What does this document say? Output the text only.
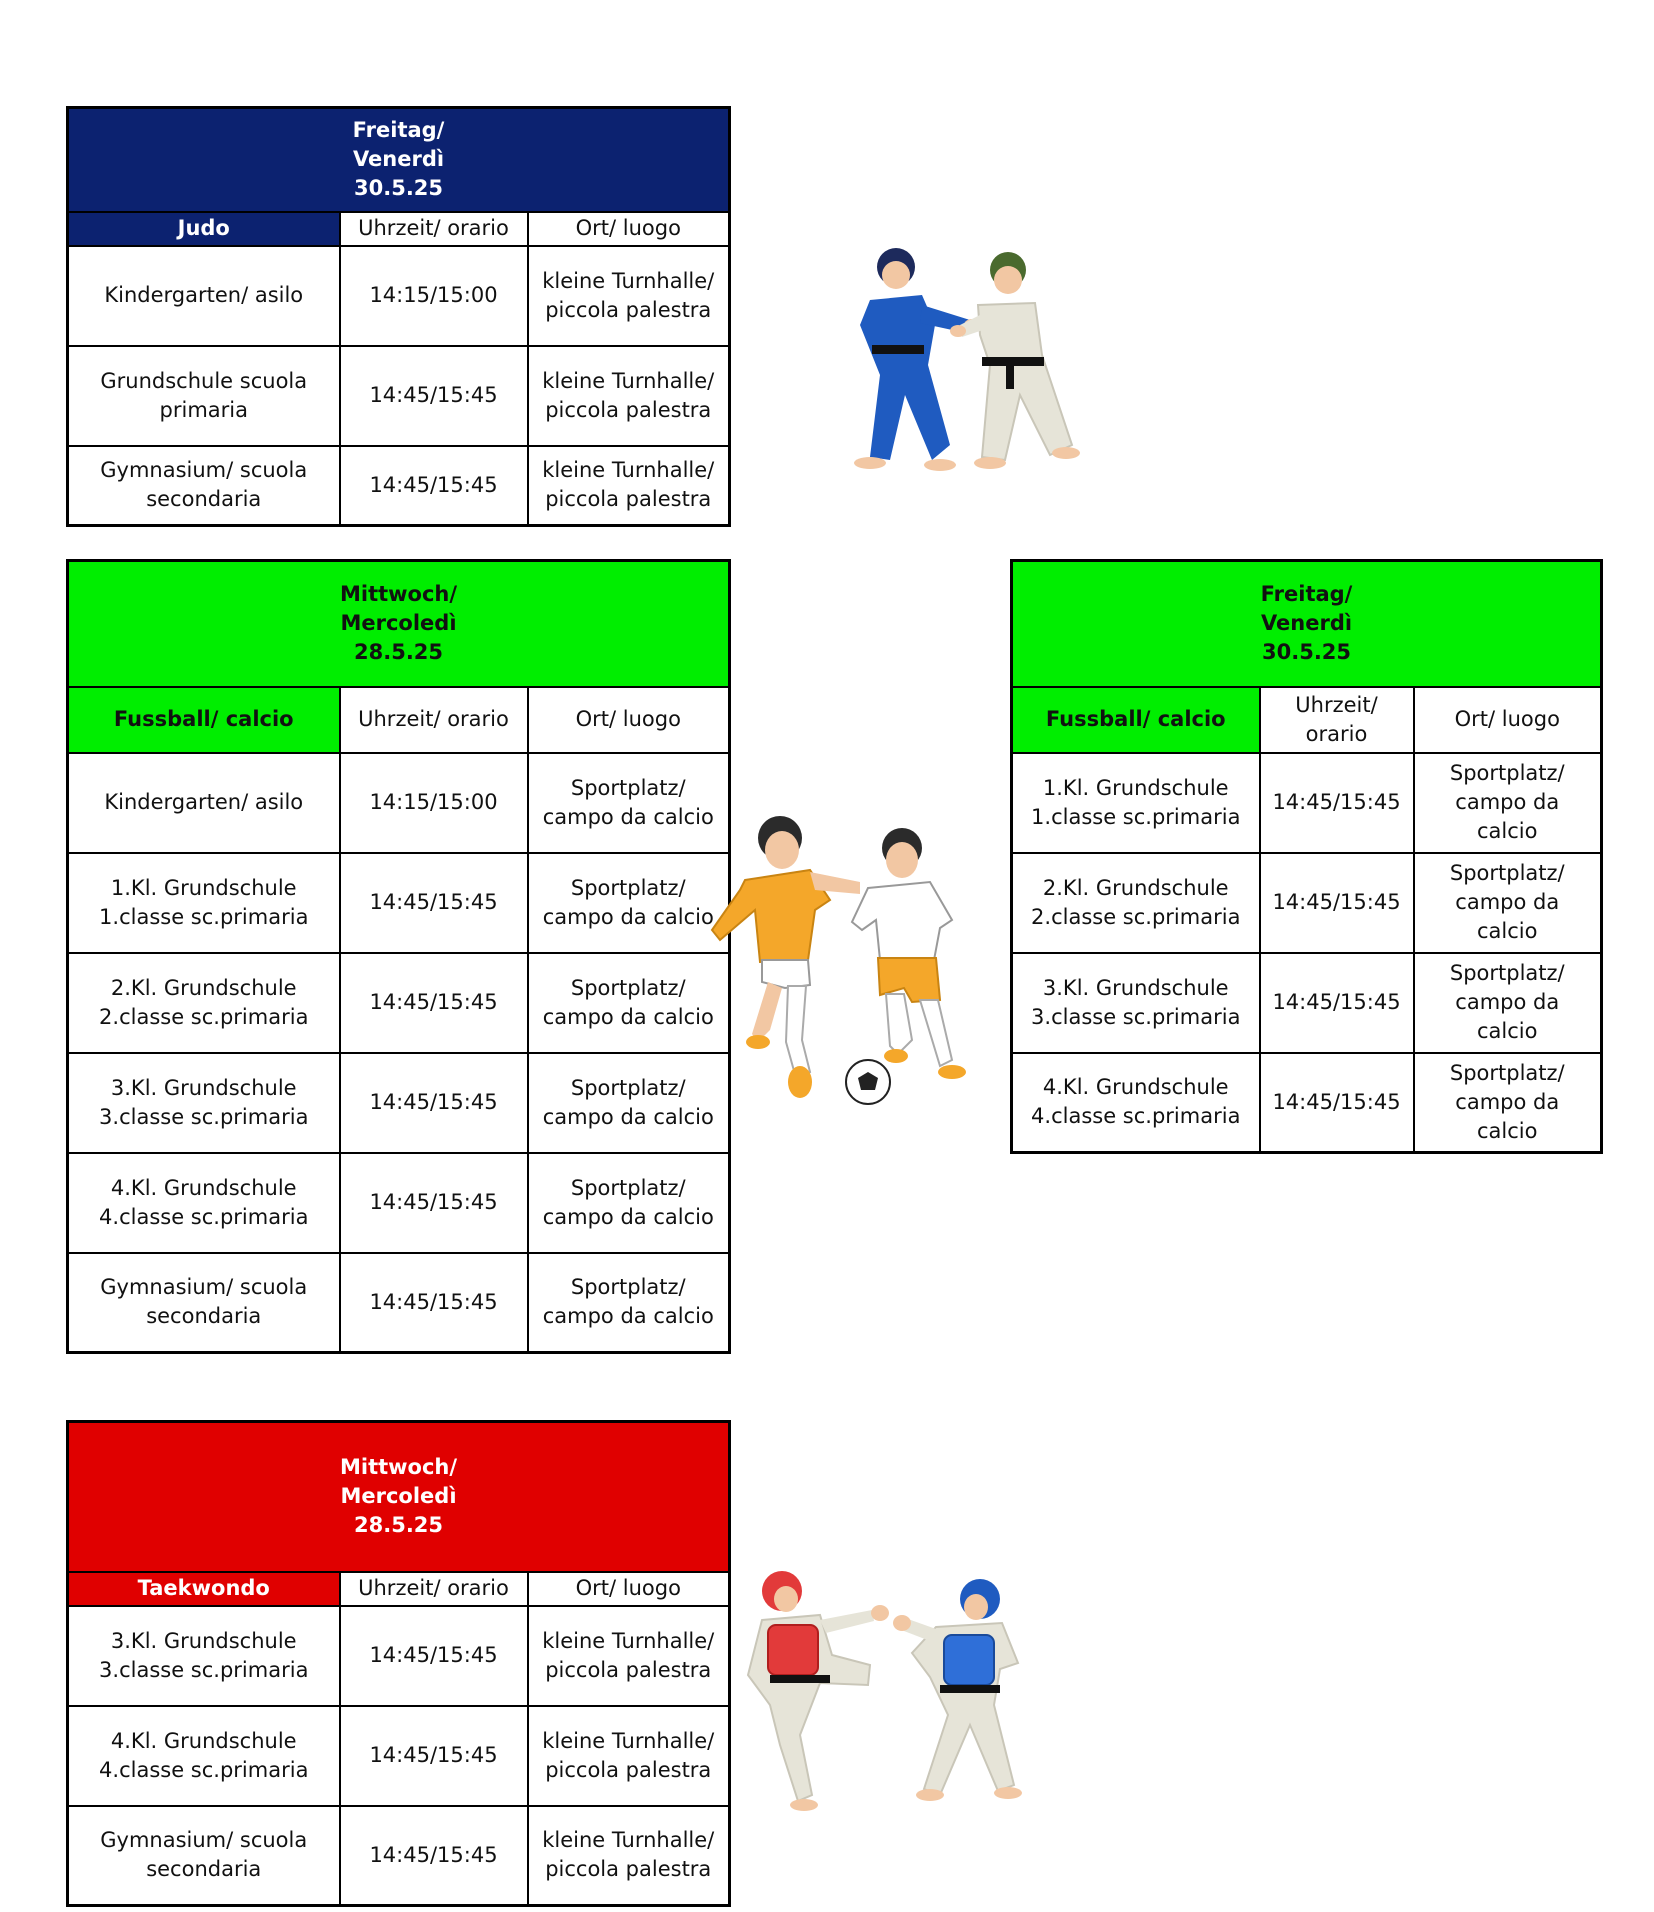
Freitag/
Venerdì
30.5.25		
Judo	Uhrzeit/ orario	Ort/ luogo
Kindergarten/ asilo	14:15/15:00	kleine Turnhalle/
piccola palestra
Grundschule scuola
primaria	14:45/15:45	kleine Turnhalle/
piccola palestra
Gymnasium/ scuola
secondaria	14:45/15:45	kleine Turnhalle/
piccola palestra
Mittwoch/
Mercoledì
28.5.25		
Fussball/ calcio	Uhrzeit/ orario	Ort/ luogo
Kindergarten/ asilo	14:15/15:00	Sportplatz/
campo da calcio
1.Kl. Grundschule
1.classe sc.primaria	14:45/15:45	Sportplatz/
campo da calcio
2.Kl. Grundschule
2.classe sc.primaria	14:45/15:45	Sportplatz/
campo da calcio
3.Kl. Grundschule
3.classe sc.primaria	14:45/15:45	Sportplatz/
campo da calcio
4.Kl. Grundschule
4.classe sc.primaria	14:45/15:45	Sportplatz/
campo da calcio
Gymnasium/ scuola
secondaria	14:45/15:45	Sportplatz/
campo da calcio
Freitag/
Venerdì
30.5.25		
Fussball/ calcio	Uhrzeit/ orario	Ort/ luogo
1.Kl. Grundschule
1.classe sc.primaria	14:45/15:45	Sportplatz/
campo da
calcio
2.Kl. Grundschule
2.classe sc.primaria	14:45/15:45	Sportplatz/
campo da
calcio
3.Kl. Grundschule
3.classe sc.primaria	14:45/15:45	Sportplatz/
campo da
calcio
4.Kl. Grundschule
4.classe sc.primaria	14:45/15:45	Sportplatz/
campo da
calcio
Mittwoch/
Mercoledì
28.5.25		
Taekwondo	Uhrzeit/ orario	Ort/ luogo
3.Kl. Grundschule
3.classe sc.primaria	14:45/15:45	kleine Turnhalle/
piccola palestra
4.Kl. Grundschule
4.classe sc.primaria	14:45/15:45	kleine Turnhalle/
piccola palestra
Gymnasium/ scuola
secondaria	14:45/15:45	kleine Turnhalle/
piccola palestra
